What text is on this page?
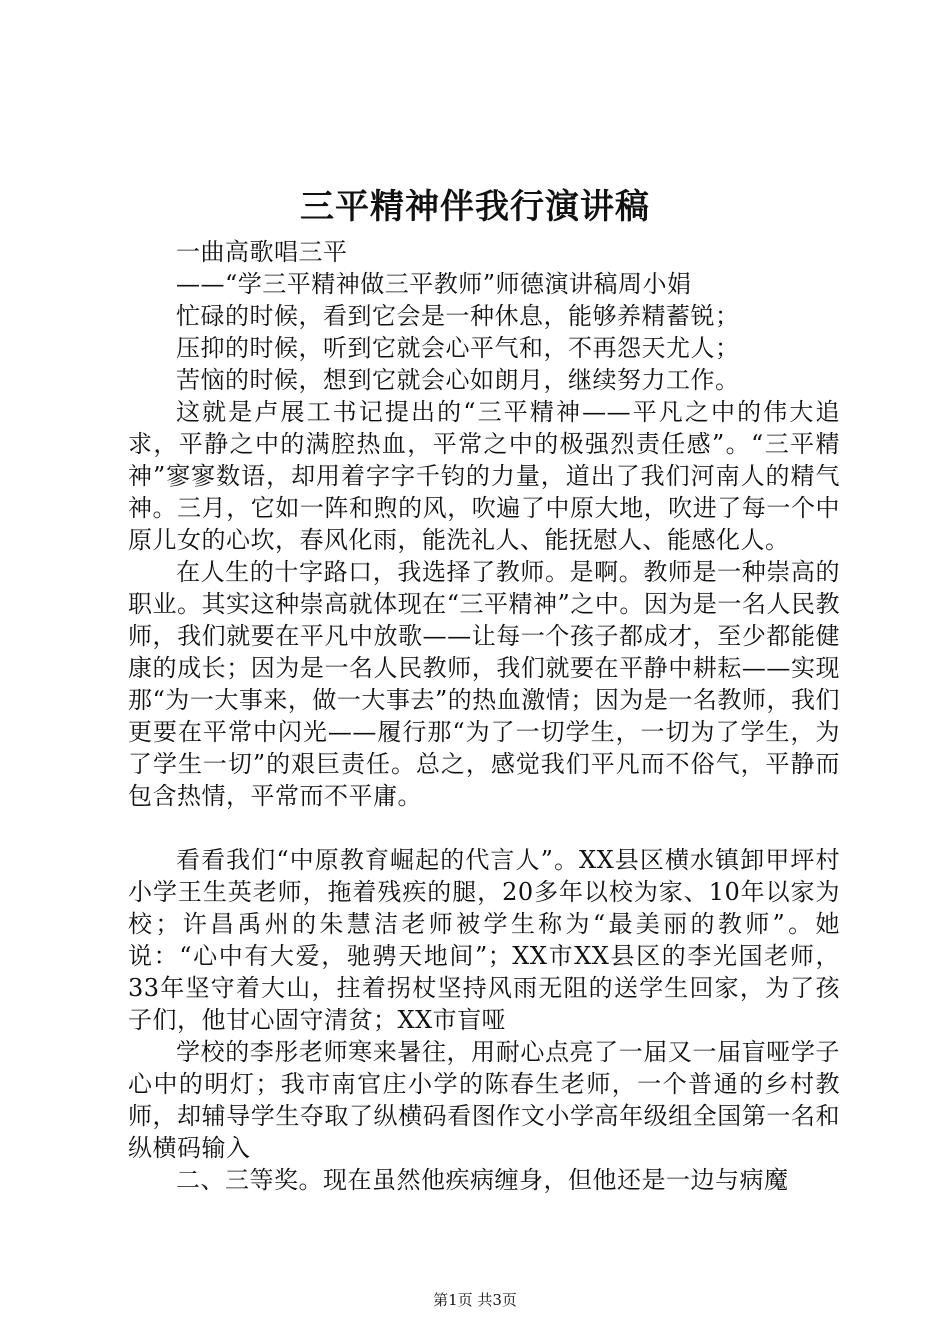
三平精神伴我行演讲稿

一曲高歌唱三平

——“学三平精神做三平教师”师德演讲稿周小娟

忙碌的时候，看到它会是一种休息，能够养精蓄锐；

压抑的时候，听到它就会心平气和，不再怨天尤人；

苦恼的时候，想到它就会心如朗月，继续努力工作。

这就是卢展工书记提出的“三平精神——平凡之中的伟大追求，平静之中的满腔热血，平常之中的极强烈责任感”。“三平精神”寥寥数语，却用着字字千钧的力量，道出了我们河南人的精气神。三月，它如一阵和煦的风，吹遍了中原大地，吹进了每一个中原儿女的心坎，春风化雨，能洗礼人、能抚慰人、能感化人。

在人生的十字路口，我选择了教师。是啊。教师是一种崇高的职业。其实这种崇高就体现在“三平精神”之中。因为是一名人民教师，我们就要在平凡中放歌——让每一个孩子都成才，至少都能健康的成长；因为是一名人民教师，我们就要在平静中耕耘——实现那“为一大事来，做一大事去”的热血激情；因为是一名教师，我们更要在平常中闪光——履行那“为了一切学生，一切为了学生，为了学生一切”的艰巨责任。总之，感觉我们平凡而不俗气，平静而包含热情，平常而不平庸。

看看我们“中原教育崛起的代言人”。XX县区横水镇卸甲坪村小学王生英老师，拖着残疾的腿，20多年以校为家、10年以家为校；许昌禹州的朱慧洁老师被学生称为“最美丽的教师”。她说：“心中有大爱，驰骋天地间”；XX市XX县区的李光国老师，33年坚守着大山，拄着拐杖坚持风雨无阻的送学生回家，为了孩子们，他甘心固守清贫；XX市盲哑

学校的李彤老师寒来暑往，用耐心点亮了一届又一届盲哑学子心中的明灯；我市南官庄小学的陈春生老师，一个普通的乡村教师，却辅导学生夺取了纵横码看图作文小学高年级组全国第一名和纵横码输入

二、三等奖。现在虽然他疾病缠身，但他还是一边与病魔

第1页 共3页
